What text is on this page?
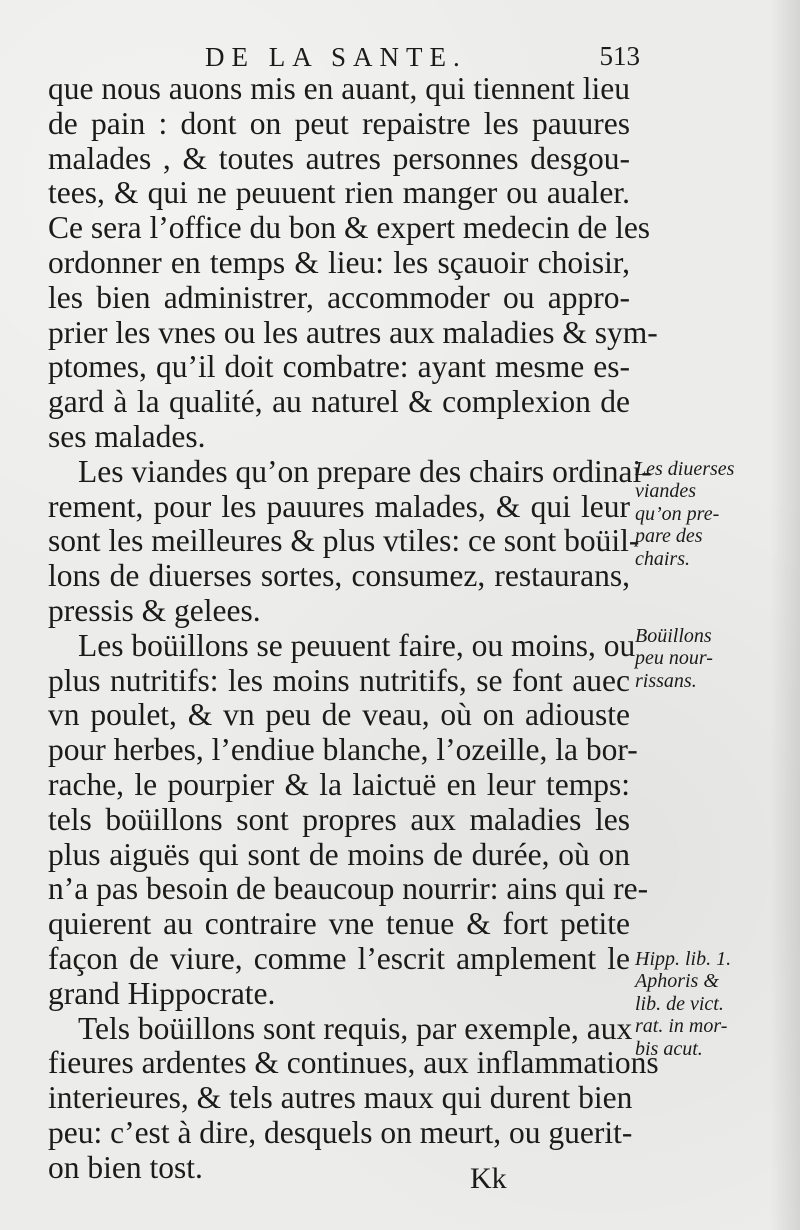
DE LA SANTE.	513
que nous auons mis en auant, qui tiennent lieu
de pain : dont on peut repaistre les pauures
malades , & toutes autres personnes desgou-
tees, & qui ne peuuent rien manger ou aualer.
Ce sera l’office du bon & expert medecin de les
ordonner en temps & lieu: les sçauoir choisir,
les bien administrer, accommoder ou appro-
prier les vnes ou les autres aux maladies & sym-
ptomes, qu’il doit combatre: ayant mesme es-
gard à la qualité, au naturel & complexion de
ses malades.
Les viandes qu’on prepare des chairs ordinai-
rement, pour les pauures malades, & qui leur
sont les meilleures & plus vtiles: ce sont boüil-
lons de diuerses sortes, consumez, restaurans,
pressis & gelees.
Les boüillons se peuuent faire, ou moins, ou
plus nutritifs: les moins nutritifs, se font auec
vn poulet, & vn peu de veau, où on adiouste
pour herbes, l’endiue blanche, l’ozeille, la bor-
rache, le pourpier & la laictuë en leur temps:
tels boüillons sont propres aux maladies les
plus aiguës qui sont de moins de durée, où on
n’a pas besoin de beaucoup nourrir: ains qui re-
quierent au contraire vne tenue & fort petite
façon de viure, comme l’escrit amplement le
grand Hippocrate.
Tels boüillons sont requis, par exemple, aux
fieures ardentes & continues, aux inflammations
interieures, & tels autres maux qui durent bien
peu: c’est à dire, desquels on meurt, ou guerit-
on bien tost.
Les diuerses
viandes
qu’on pre-
pare des
chairs.
Boüillons
peu nour-
rissans.
Hipp. lib. 1.
Aphoris &
lib. de vict.
rat. in mor-
bis acut.
Kk
